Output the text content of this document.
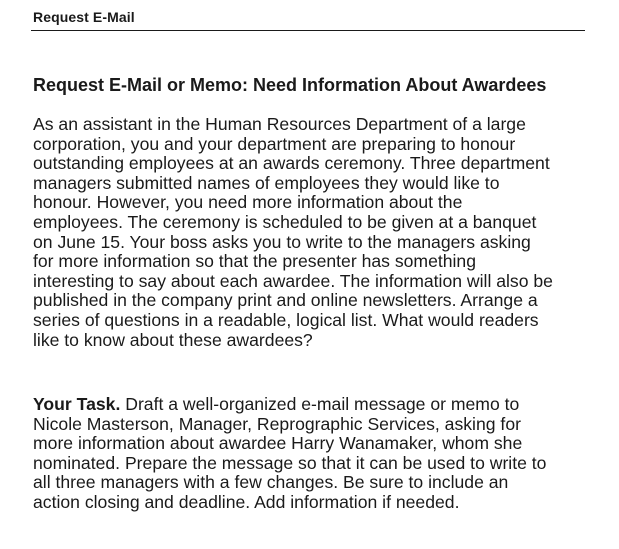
Request E-Mail
Request E-Mail or Memo: Need Information About Awardees
As an assistant in the Human Resources Department of a large
corporation, you and your department are preparing to honour
outstanding employees at an awards ceremony. Three department
managers submitted names of employees they would like to
honour. However, you need more information about the
employees. The ceremony is scheduled to be given at a banquet
on June 15. Your boss asks you to write to the managers asking
for more information so that the presenter has something
interesting to say about each awardee. The information will also be
published in the company print and online newsletters. Arrange a
series of questions in a readable, logical list. What would readers
like to know about these awardees?
Your Task. Draft a well-organized e-mail message or memo to
Nicole Masterson, Manager, Reprographic Services, asking for
more information about awardee Harry Wanamaker, whom she
nominated. Prepare the message so that it can be used to write to
all three managers with a few changes. Be sure to include an
action closing and deadline. Add information if needed.
